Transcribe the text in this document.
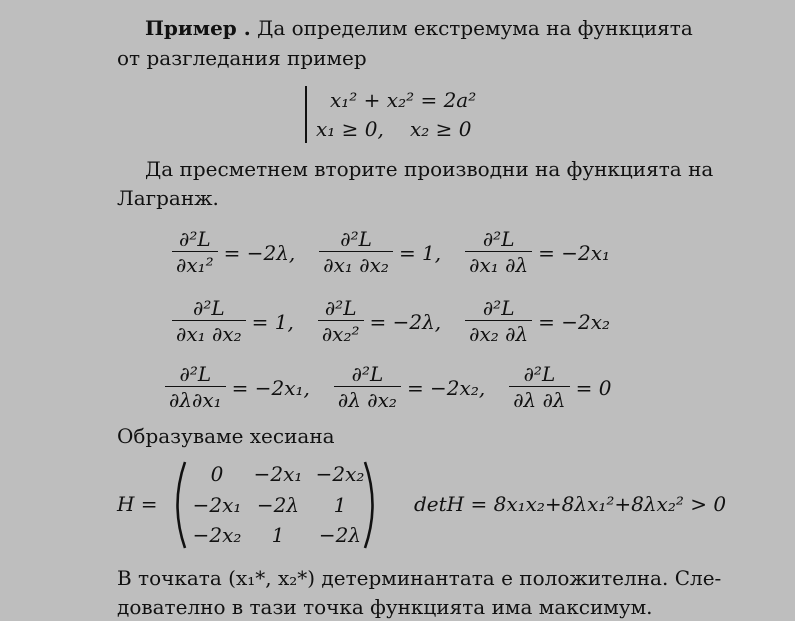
Пример . Да определим екстремума на функцията
от разгледания пример
x₁² + x₂² = 2a²
x₁ ≥ 0, x₂ ≥ 0
Да пресметнем вторите производни на функцията на
Лагранж.
$\frac{\text{∂²L}}{\text{∂x₁²}} = -2\lambda$, $\frac{\text{∂²L}}{\text{∂x₁ ∂x₂}} = 1$, $\frac{\text{∂²L}}{\text{∂x₁ ∂λ}} = -2x_1$
$\frac{\text{∂²L}}{\text{∂x₁ ∂x₂}} = 1$, $\frac{\text{∂²L}}{\text{∂x₂²}} = -2\lambda$, $\frac{\text{∂²L}}{\text{∂x₂ ∂λ}} = -2x_2$
$\frac{\text{∂²L}}{\text{∂λ∂x₁}} = -2x_1$, $\frac{\text{∂²L}}{\text{∂λ ∂x₂}} = -2x_2$, $\frac{\text{∂²L}}{\partial\lambda \partial\lambda} = 0$
Образуваме хесиана
H =
0	−2x₁ −2x₂
−2x₁ −2λ	1
−2x₂	1	−2λ
detH = 8x₁x₂+8λx₁²+8λx₂² > 0
В точката (x₁*, x₂*) детерминантата е положителна. Сле-
дователно в тази точка функцията има максимум.
